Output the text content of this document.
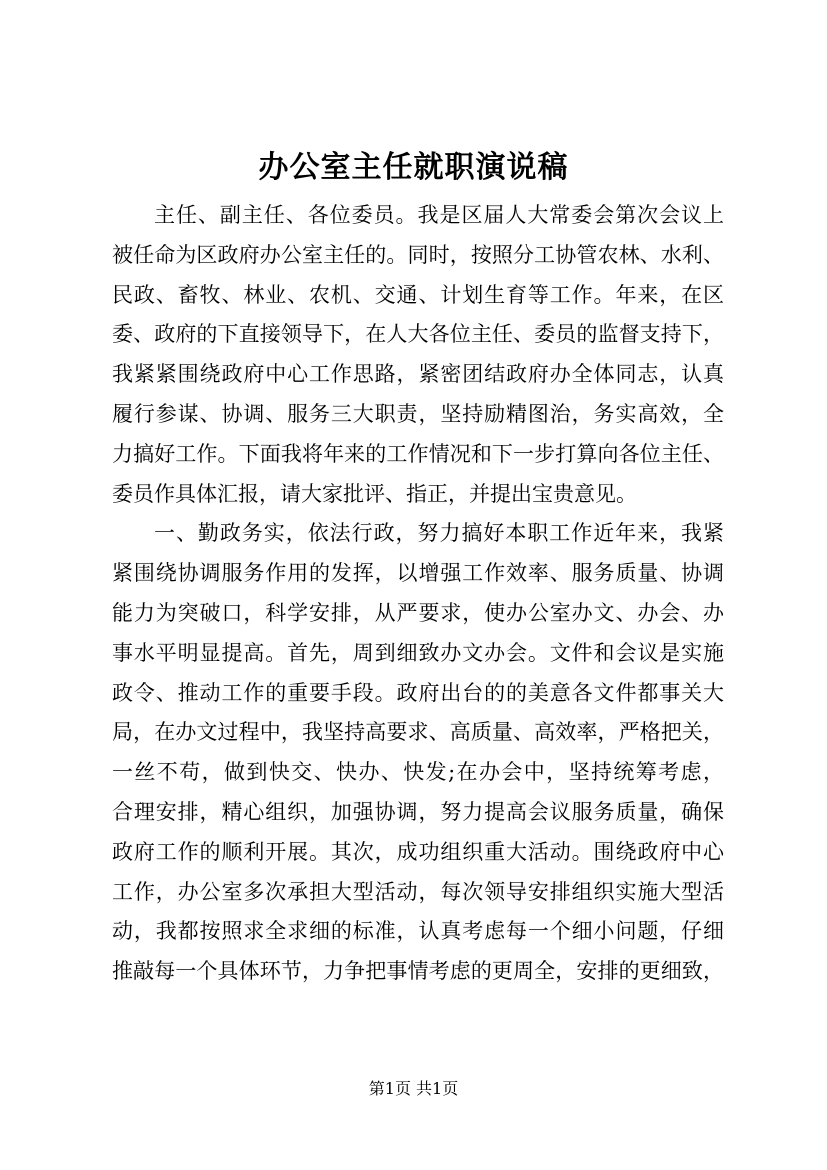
办公室主任就职演说稿
主任、副主任、各位委员。我是区届人大常委会第次会议上
被任命为区政府办公室主任的。同时，按照分工协管农林、水利、
民政、畜牧、林业、农机、交通、计划生育等工作。年来，在区
委、政府的下直接领导下，在人大各位主任、委员的监督支持下，
我紧紧围绕政府中心工作思路，紧密团结政府办全体同志，认真
履行参谋、协调、服务三大职责，坚持励精图治，务实高效，全
力搞好工作。下面我将年来的工作情况和下一步打算向各位主任、
委员作具体汇报，请大家批评、指正，并提出宝贵意见。
一、勤政务实，依法行政，努力搞好本职工作近年来，我紧
紧围绕协调服务作用的发挥，以增强工作效率、服务质量、协调
能力为突破口，科学安排，从严要求，使办公室办文、办会、办
事水平明显提高。首先，周到细致办文办会。文件和会议是实施
政令、推动工作的重要手段。政府出台的的美意各文件都事关大
局，在办文过程中，我坚持高要求、高质量、高效率，严格把关，
一丝不苟，做到快交、快办、快发;在办会中，坚持统筹考虑，
合理安排，精心组织，加强协调，努力提高会议服务质量，确保
政府工作的顺利开展。其次，成功组织重大活动。围绕政府中心
工作，办公室多次承担大型活动，每次领导安排组织实施大型活
动，我都按照求全求细的标准，认真考虑每一个细小问题，仔细
推敲每一个具体环节，力争把事情考虑的更周全，安排的更细致，
第1页 共1页
